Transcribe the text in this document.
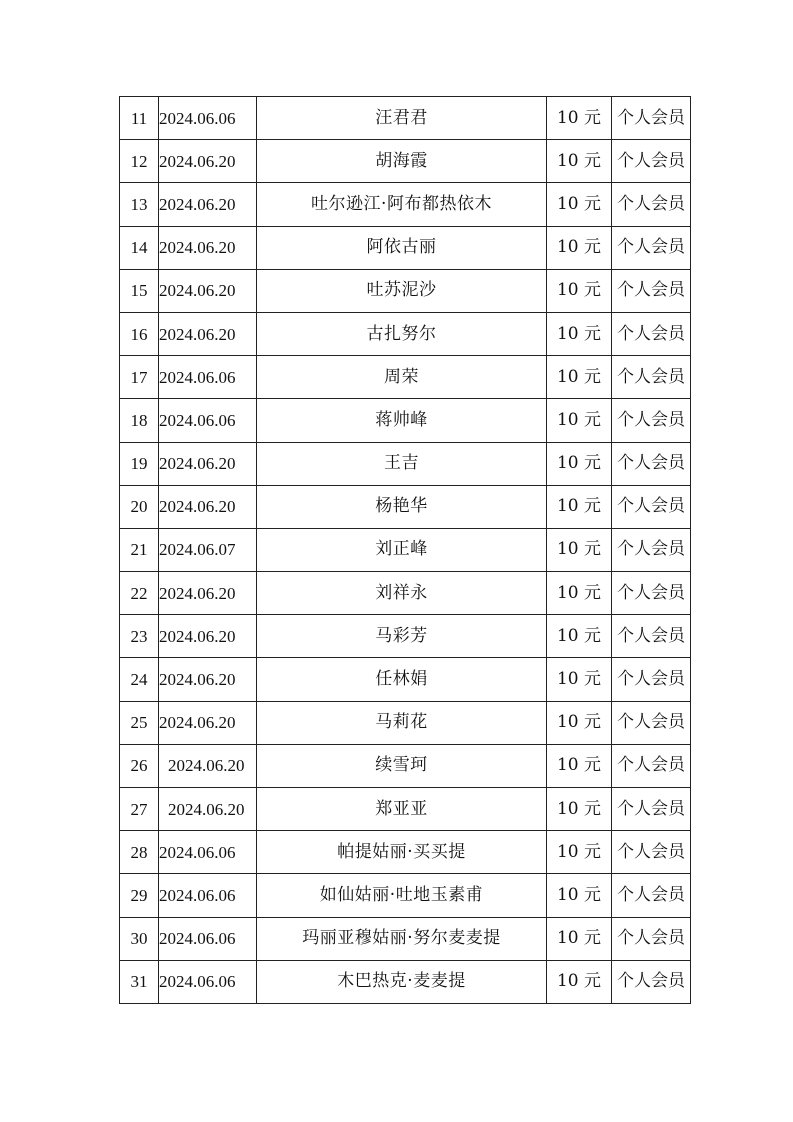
11	2024.06.06	汪君君	10 元	个人会员
12	2024.06.20	胡海霞	10 元	个人会员
13	2024.06.20	吐尔逊江·阿布都热依木	10 元	个人会员
14	2024.06.20	阿依古丽	10 元	个人会员
15	2024.06.20	吐苏泥沙	10 元	个人会员
16	2024.06.20	古扎努尔	10 元	个人会员
17	2024.06.06	周荣	10 元	个人会员
18	2024.06.06	蒋帅峰	10 元	个人会员
19	2024.06.20	王吉	10 元	个人会员
20	2024.06.20	杨艳华	10 元	个人会员
21	2024.06.07	刘正峰	10 元	个人会员
22	2024.06.20	刘祥永	10 元	个人会员
23	2024.06.20	马彩芳	10 元	个人会员
24	2024.06.20	任林娟	10 元	个人会员
25	2024.06.20	马莉花	10 元	个人会员
26	2024.06.20	续雪珂	10 元	个人会员
27	2024.06.20	郑亚亚	10 元	个人会员
28	2024.06.06	帕提姑丽·买买提	10 元	个人会员
29	2024.06.06	如仙姑丽·吐地玉素甫	10 元	个人会员
30	2024.06.06	玛丽亚穆姑丽·努尔麦麦提	10 元	个人会员
31	2024.06.06	木巴热克·麦麦提	10 元	个人会员
